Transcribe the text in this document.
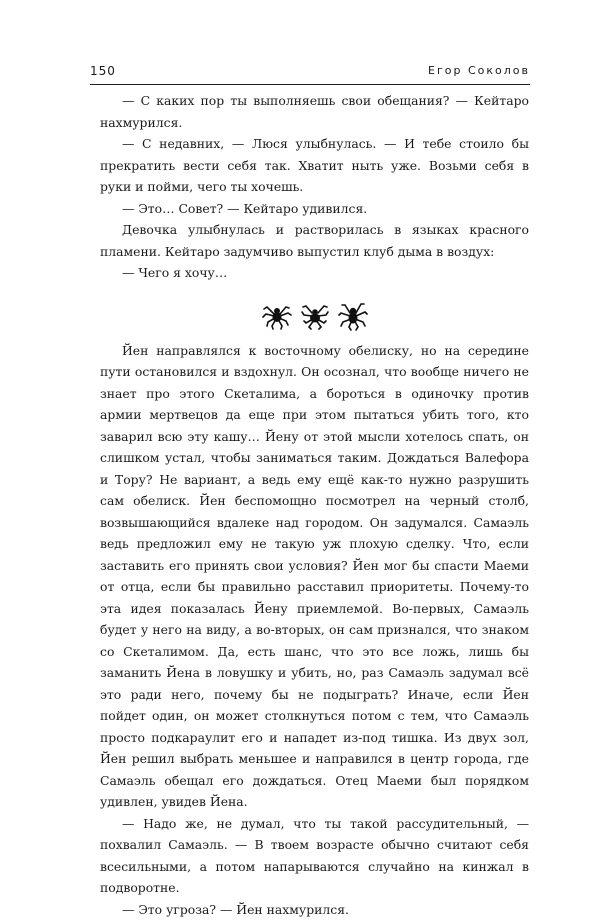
150	Егор Соколов

— С каких пор ты выполняешь свои обещания? — Кейтаро нахмурился.

— С недавних, — Люся улыбнулась. — И тебе стоило бы прекратить вести себя так. Хватит ныть уже. Возьми себя в руки и пойми, чего ты хочешь.

— Это… Совет? — Кейтаро удивился.

Девочка улыбнулась и растворилась в языках красного пламени. Кейтаро задумчиво выпустил клуб дыма в воздух:

— Чего я хочу…

Йен направлялся к восточному обелиску, но на середине пути остановился и вздохнул. Он осознал, что вообще ничего не знает про этого Скеталима, а бороться в одиночку против армии мертвецов да еще при этом пытаться убить того, кто заварил всю эту кашу… Йену от этой мысли хотелось спать, он слишком устал, чтобы заниматься таким. Дождаться Валефора и Тору? Не вариант, а ведь ему ещё как-то нужно разрушить сам обелиск. Йен беспомощно посмотрел на черный столб, возвышающийся вдалеке над городом. Он задумался. Самаэль ведь предложил ему не такую уж плохую сделку. Что, если заставить его принять свои условия? Йен мог бы спасти Маеми от отца, если бы правильно расставил приоритеты. Почему-то эта идея показалась Йену приемлемой. Во-первых, Самаэль будет у него на виду, а во-вторых, он сам признался, что знаком со Скеталимом. Да, есть шанс, что это все ложь, лишь бы заманить Йена в ловушку и убить, но, раз Самаэль задумал всё это ради него, почему бы не подыграть? Иначе, если Йен пойдет один, он может столкнуться потом с тем, что Самаэль просто подкараулит его и нападет из-под тишка. Из двух зол, Йен решил выбрать меньшее и направился в центр города, где Самаэль обещал его дождаться. Отец Маеми был порядком удивлен, увидев Йена.

— Надо же, не думал, что ты такой рассудительный, — похвалил Самаэль. — В твоем возрасте обычно считают себя всесильными, а потом напарываются случайно на кинжал в подворотне.

— Это угроза? — Йен нахмурился.
